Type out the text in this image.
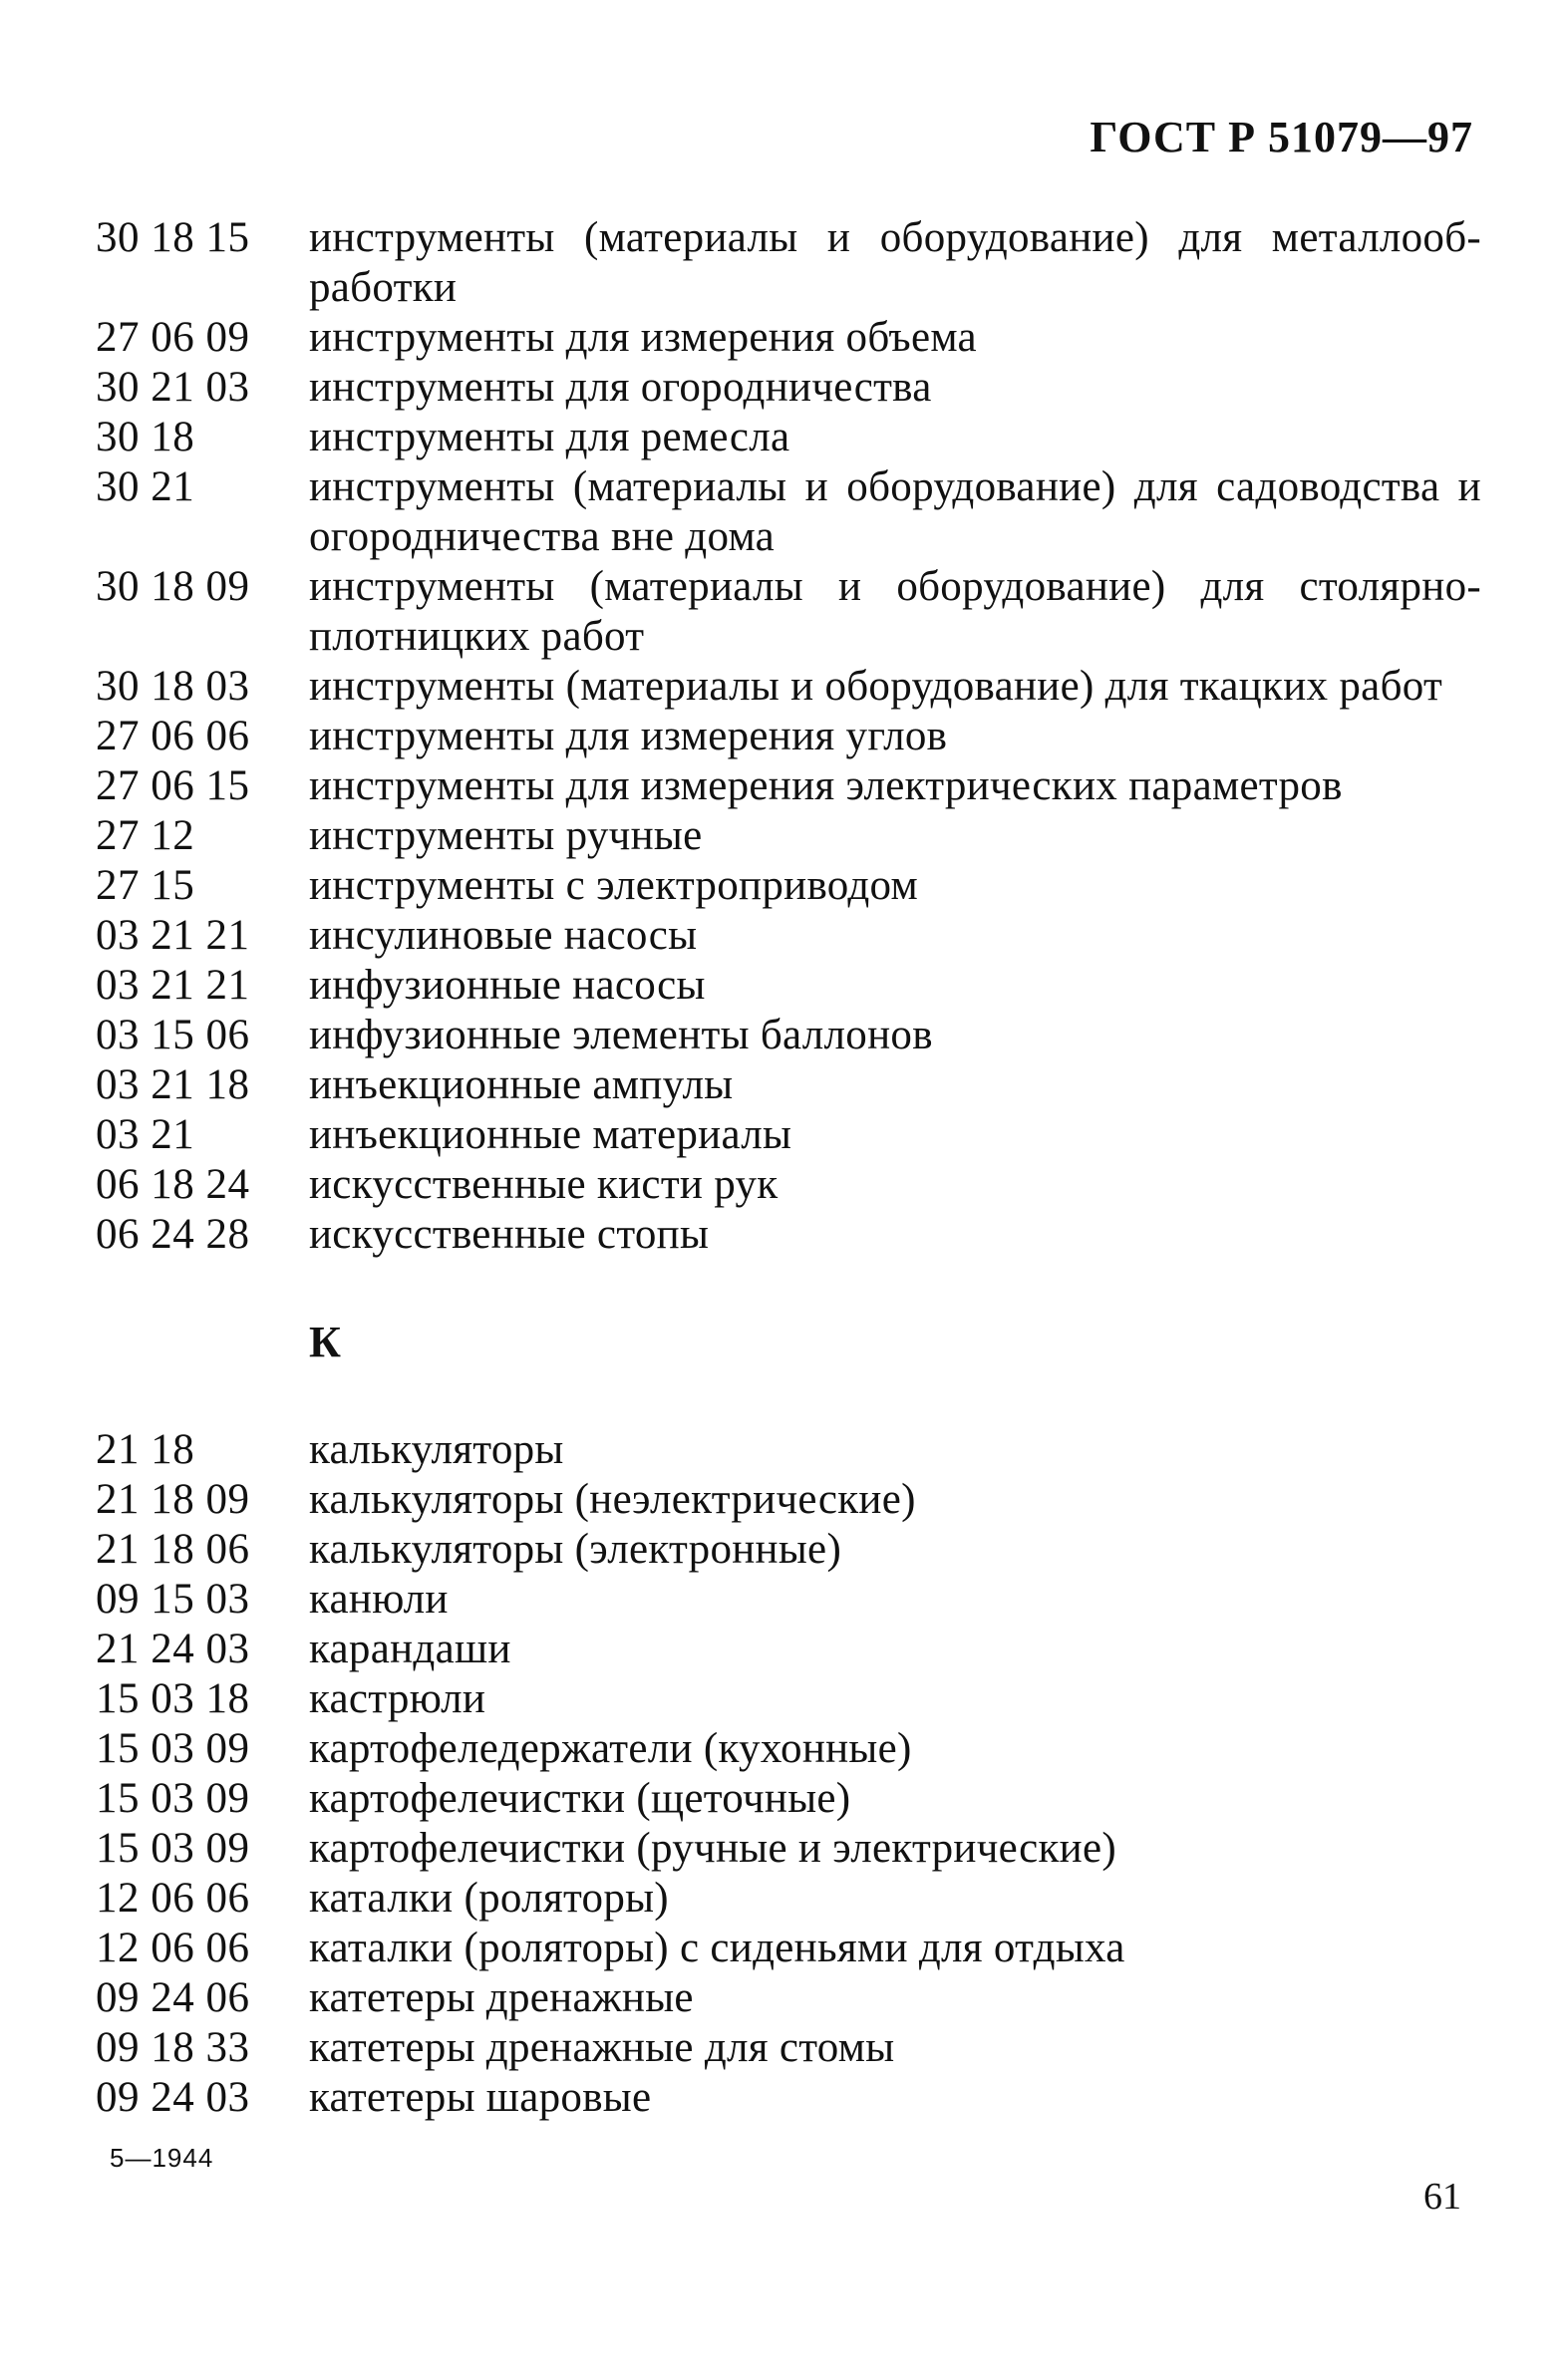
ГОСТ Р 51079—97
30 18 15	инструменты (материалы и оборудование) для металлооб-работки
27 06 09	инструменты для измерения объема
30 21 03	инструменты для огородничества
30 18	инструменты для ремесла
30 21	инструменты (материалы и оборудование) для садоводства и огородничества вне дома
30 18 09	инструменты (материалы и оборудование) для столярно-плотницких работ
30 18 03	инструменты (материалы и оборудование) для ткацких работ
27 06 06	инструменты для измерения углов
27 06 15	инструменты для измерения электрических параметров
27 12	инструменты ручные
27 15	инструменты с электроприводом
03 21 21	инсулиновые насосы
03 21 21	инфузионные насосы
03 15 06	инфузионные элементы баллонов
03 21 18	инъекционные ампулы
03 21	инъекционные материалы
06 18 24	искусственные кисти рук
06 24 28	искусственные стопы
К
21 18	калькуляторы
21 18 09	калькуляторы (неэлектрические)
21 18 06	калькуляторы (электронные)
09 15 03	канюли
21 24 03	карандаши
15 03 18	кастрюли
15 03 09	картофеледержатели (кухонные)
15 03 09	картофелечистки (щеточные)
15 03 09	картофелечистки (ручные и электрические)
12 06 06	каталки (роляторы)
12 06 06	каталки (роляторы) с сиденьями для отдыха
09 24 06	катетеры дренажные
09 18 33	катетеры дренажные для стомы
09 24 03	катетеры шаровые
5—1944
61
